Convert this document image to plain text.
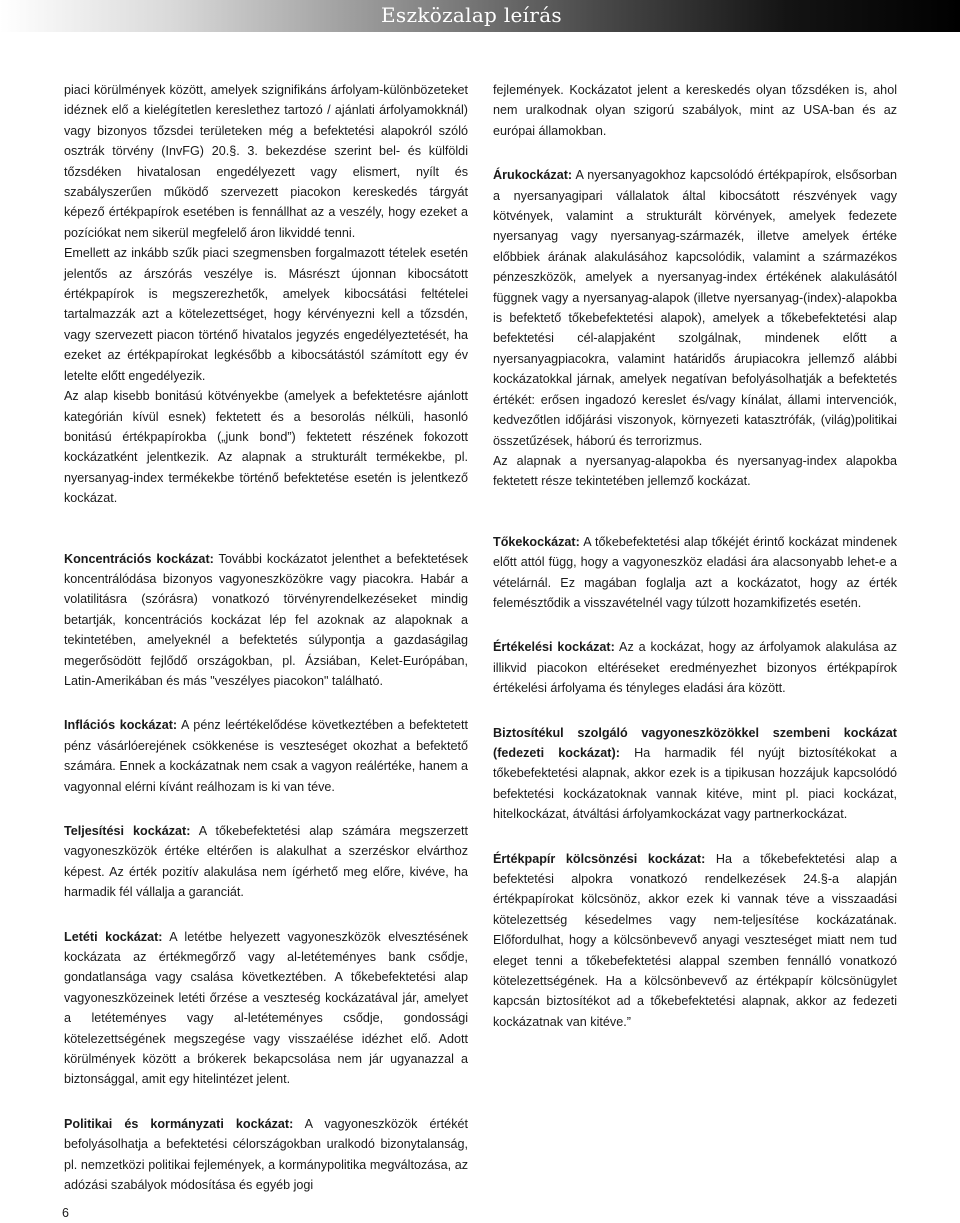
Eszközalap leírás

piaci körülmények között, amelyek szignifikáns árfolyam-különbözeteket idéznek elő a kielégítetlen kereslethez tartozó / ajánlati árfolyamokknál) vagy bizonyos tőzsdei területeken még a befektetési alapokról szóló osztrák törvény (InvFG) 20.§. 3. bekezdése szerint bel- és külföldi tőzsdéken hivatalosan engedélyezett vagy elismert, nyílt és szabályszerűen működő szervezett piacokon kereskedés tárgyát képező értékpapírok esetében is fennállhat az a veszély, hogy ezeket a pozíciókat nem sikerül megfelelő áron likviddé tenni.

Emellett az inkább szűk piaci szegmensben forgalmazott tételek esetén jelentős az árszórás veszélye is. Másrészt újonnan kibocsátott értékpapírok is megszerezhetők, amelyek kibocsátási feltételei tartalmazzák azt a kötelezettséget, hogy kérvényezni kell a tőzsdén, vagy szervezett piacon történő hivatalos jegyzés engedélyeztetését, ha ezeket az értékpapírokat legkésőbb a kibocsátástól számított egy év letelte előtt engedélyezik.

Az alap kisebb bonitású kötvényekbe (amelyek a befektetésre ajánlott kategórián kívül esnek) fektetett és a besorolás nélküli, hasonló bonitású értékpapírokba („junk bond”) fektetett részének fokozott kockázatként jelentkezik. Az alapnak a strukturált termékekbe, pl. nyersanyag-index termékekbe történő befektetése esetén is jelentkező kockázat.

Koncentrációs kockázat: További kockázatot jelenthet a befektetések koncentrálódása bizonyos vagyoneszközökre vagy piacokra. Habár a volatilitásra (szórásra) vonatkozó törvényrendelkezéseket mindig betartják, koncentrációs kockázat lép fel azoknak az alapoknak a tekintetében, amelyeknél a befektetés súlypontja a gazdaságilag megerősödött fejlődő országokban, pl. Ázsiában, Kelet-Európában, Latin-Amerikában és más "veszélyes piacokon" található.

Inflációs kockázat: A pénz leértékelődése következtében a befektetett pénz vásárlóerejének csökkenése is veszteséget okozhat a befektető számára. Ennek a kockázatnak nem csak a vagyon reálértéke, hanem a vagyonnal elérni kívánt reálhozam is ki van téve.

Teljesítési kockázat: A tőkebefektetési alap számára megszerzett vagyoneszközök értéke eltérően is alakulhat a szerzéskor elvárthoz képest. Az érték pozitív alakulása nem ígérhető meg előre, kivéve, ha harmadik fél vállalja a garanciát.

Letéti kockázat: A letétbe helyezett vagyoneszközök elvesztésének kockázata az értékmegőrző vagy al-letéteményes bank csődje, gondatlansága vagy csalása következtében. A tőkebefektetési alap vagyoneszközeinek letéti őrzése a veszteség kockázatával jár, amelyet a letéteményes vagy al-letéteményes csődje, gondossági kötelezettségének megszegése vagy visszaélése idézhet elő. Adott körülmények között a brókerek bekapcsolása nem jár ugyanazzal a biztonsággal, amit egy hitelintézet jelent.

Politikai és kormányzati kockázat: A vagyoneszközök értékét befolyásolhatja a befektetési célországokban uralkodó bizonytalanság, pl. nemzetközi politikai fejlemények, a kormánypolitika megváltozása, az adózási szabályok módosítása és egyéb jogi

fejlemények. Kockázatot jelent a kereskedés olyan tőzsdéken is, ahol nem uralkodnak olyan szigorú szabályok, mint az USA-ban és az európai államokban.

Árukockázat: A nyersanyagokhoz kapcsolódó értékpapírok, elsősorban a nyersanyagipari vállalatok által kibocsátott részvények vagy kötvények, valamint a strukturált körvények, amelyek fedezete nyersanyag vagy nyersanyag-származék, illetve amelyek értéke előbbiek árának alakulásához kapcsolódik, valamint a származékos pénzeszközök, amelyek a nyersanyag-index értékének alakulásától függnek vagy a nyersanyag-alapok (illetve nyersanyag-(index)-alapokba is befektető tőkebefektetési alapok), amelyek a tőkebefektetési alap befektetési cél-alapjaként szolgálnak, mindenek előtt a nyersanyagpiacokra, valamint határidős árupiacokra jellemző alábbi kockázatokkal járnak, amelyek negatívan befolyásolhatják a befektetés értékét: erősen ingadozó kereslet és/vagy kínálat, állami intervenciók, kedvezőtlen időjárási viszonyok, környezeti katasztrófák, (világ)politikai összetűzések, háború és terrorizmus.

Az alapnak a nyersanyag-alapokba és nyersanyag-index alapokba fektetett része tekintetében jellemző kockázat.

Tőkekockázat: A tőkebefektetési alap tőkéjét érintő kockázat mindenek előtt attól függ, hogy a vagyoneszköz eladási ára alacsonyabb lehet-e a vételárnál. Ez magában foglalja azt a kockázatot, hogy az érték felemésztődik a visszavételnél vagy túlzott hozamkifizetés esetén.

Értékelési kockázat: Az a kockázat, hogy az árfolyamok alakulása az illikvid piacokon eltéréseket eredményezhet bizonyos értékpapírok értékelési árfolyama és tényleges eladási ára között.

Biztosítékul szolgáló vagyoneszközökkel szembeni kockázat (fedezeti kockázat): Ha harmadik fél nyújt biztosítékokat a tőkebefektetési alapnak, akkor ezek is a tipikusan hozzájuk kapcsolódó befektetési kockázatoknak vannak kitéve, mint pl. piaci kockázat, hitelkockázat, átváltási árfolyamkockázat vagy partnerkockázat.

Értékpapír kölcsönzési kockázat: Ha a tőkebefektetési alap a befektetési alpokra vonatkozó rendelkezések 24.§-a alapján értékpapírokat kölcsönöz, akkor ezek ki vannak téve a visszaadási kötelezettség késedelmes vagy nem-teljesítése kockázatának. Előfordulhat, hogy a kölcsönbevevő anyagi veszteséget miatt nem tud eleget tenni a tőkebefektetési alappal szemben fennálló vonatkozó kötelezettségének. Ha a kölcsönbevevő az értékpapír kölcsönügylet kapcsán biztosítékot ad a tőkebefektetési alapnak, akkor az fedezeti kockázatnak van kitéve.”

6
